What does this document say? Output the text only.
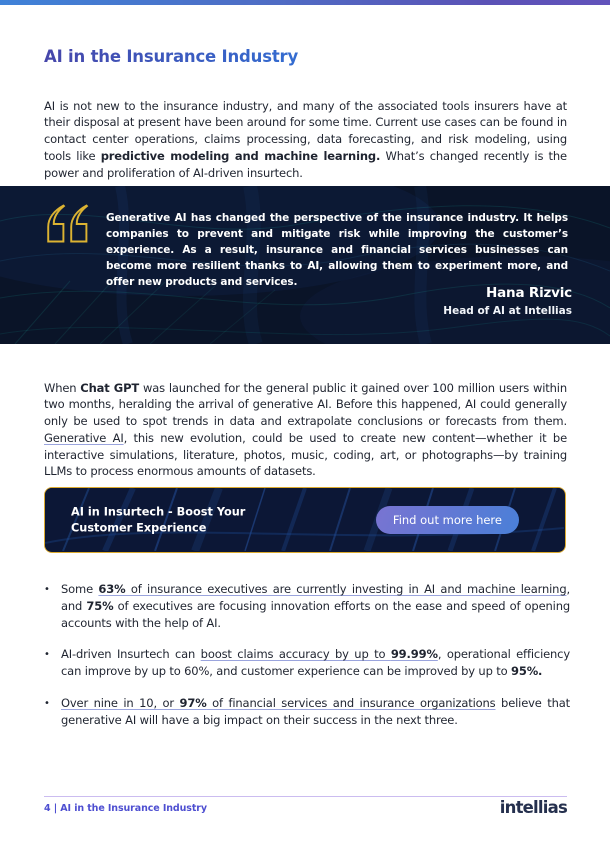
AI in the Insurance Industry

AI is not new to the insurance industry, and many of the associated tools insurers have at their disposal at present have been around for some time. Current use cases can be found in contact center operations, claims processing, data forecasting, and risk modeling, using tools like predictive modeling and machine learning. What’s changed recently is the power and proliferation of AI-driven insurtech.

Generative AI has changed the perspective of the insurance industry. It helps companies to prevent and mitigate risk while improving the customer’s experience. As a result, insurance and financial services businesses can become more resilient thanks to AI, allowing them to experiment more, and offer new products and services.

Hana Rizvic
Head of AI at Intellias

When Chat GPT was launched for the general public it gained over 100 million users within two months, heralding the arrival of generative AI. Before this happened, AI could generally only be used to spot trends in data and extrapolate conclusions or forecasts from them. Generative AI, this new evolution, could be used to create new content—whether it be interactive simulations, literature, photos, music, coding, art, or photographs—by training LLMs to process enormous amounts of datasets.

AI in Insurtech - Boost Your Customer Experience
Find out more here
• Some 63% of insurance executives are currently investing in AI and machine learning, and 75% of executives are focusing innovation efforts on the ease and speed of opening accounts with the help of AI.
• AI-driven Insurtech can boost claims accuracy by up to 99.99%, operational efficiency can improve by up to 60%, and customer experience can be improved by up to 95%.
• Over nine in 10, or 97% of financial services and insurance organizations believe that generative AI will have a big impact on their success in the next three.
4 | AI in the Insurance Industry	intellias
